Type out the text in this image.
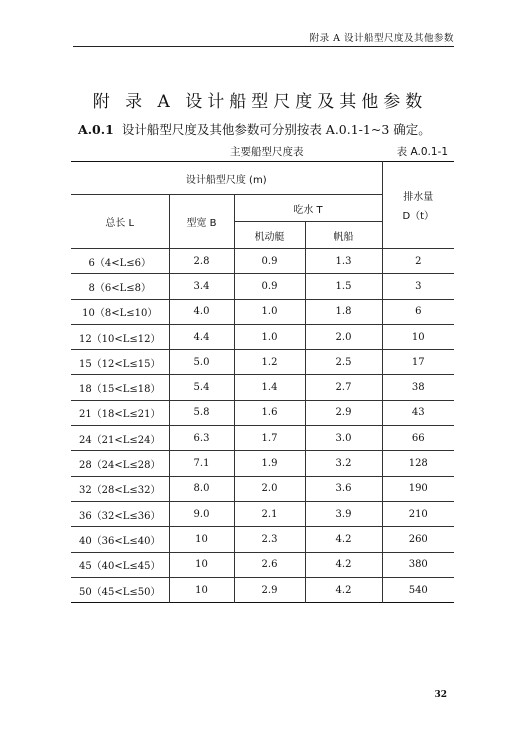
附录 A 设计船型尺度及其他参数
附 录 A 设计船型尺度及其他参数
A.0.1 设计船型尺度及其他参数可分别按表 A.0.1-1~3 确定。
主要船型尺度表	表 A.0.1-1
设计船型尺度 (m)				排水量
D（t）

总长 L	型宽 B	吃水 T		
		机动艇	帆船	
6（4<L≤6）	2.8	0.9	1.3	2
8（6<L≤8）	3.4	0.9	1.5	3
10（8<L≤10）	4.0	1.0	1.8	6
12（10<L≤12）	4.4	1.0	2.0	10
15（12<L≤15）	5.0	1.2	2.5	17
18（15<L≤18）	5.4	1.4	2.7	38
21（18<L≤21）	5.8	1.6	2.9	43
24（21<L≤24）	6.3	1.7	3.0	66
28（24<L≤28）	7.1	1.9	3.2	128
32（28<L≤32）	8.0	2.0	3.6	190
36（32<L≤36）	9.0	2.1	3.9	210
40（36<L≤40）	10	2.3	4.2	260
45（40<L≤45）	10	2.6	4.2	380
50（45<L≤50）	10	2.9	4.2	540
32
